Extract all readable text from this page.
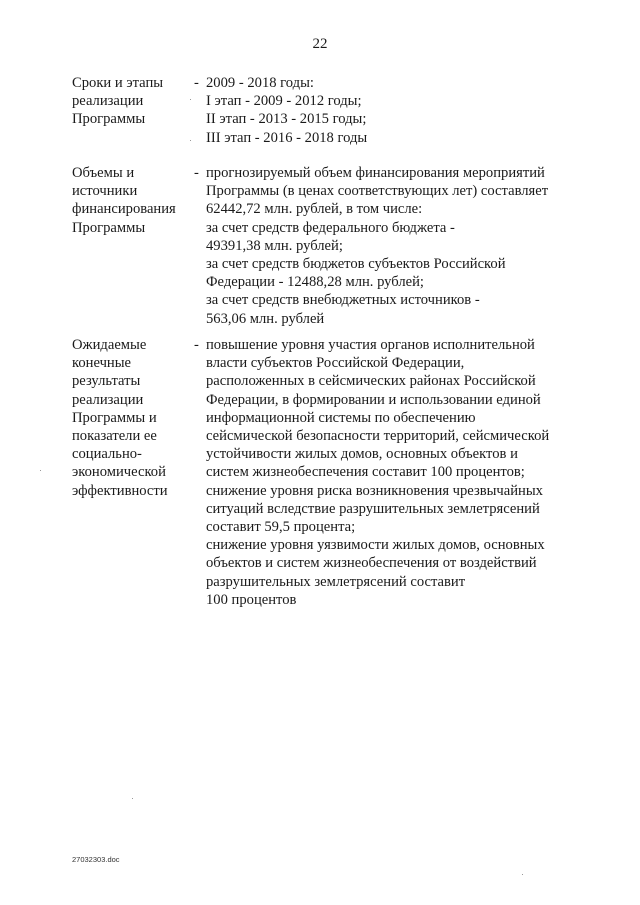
22
Сроки и этапы
реализации
Программы
- 2009 - 2018 годы:
I этап - 2009 - 2012 годы;
II этап - 2013 - 2015 годы;
III этап - 2016 - 2018 годы
Объемы и
источники
финансирования
Программы
- прогнозируемый объем финансирования мероприятий
Программы (в ценах соответствующих лет) составляет
62442,72 млн. рублей, в том числе:
за счет средств федерального бюджета -
49391,38 млн. рублей;
за счет средств бюджетов субъектов Российской
Федерации - 12488,28 млн. рублей;
за счет средств внебюджетных источников -
563,06 млн. рублей
Ожидаемые
конечные
результаты
реализации
Программы и
показатели ее
социально-
экономической
эффективности
- повышение уровня участия органов исполнительной
власти субъектов Российской Федерации,
расположенных в сейсмических районах Российской
Федерации, в формировании и использовании единой
информационной системы по обеспечению
сейсмической безопасности территорий, сейсмической
устойчивости жилых домов, основных объектов и
систем жизнеобеспечения составит 100 процентов;
снижение уровня риска возникновения чрезвычайных
ситуаций вследствие разрушительных землетрясений
составит 59,5 процента;
снижение уровня уязвимости жилых домов, основных
объектов и систем жизнеобеспечения от воздействий
разрушительных землетрясений составит
100 процентов
27032303.doc
